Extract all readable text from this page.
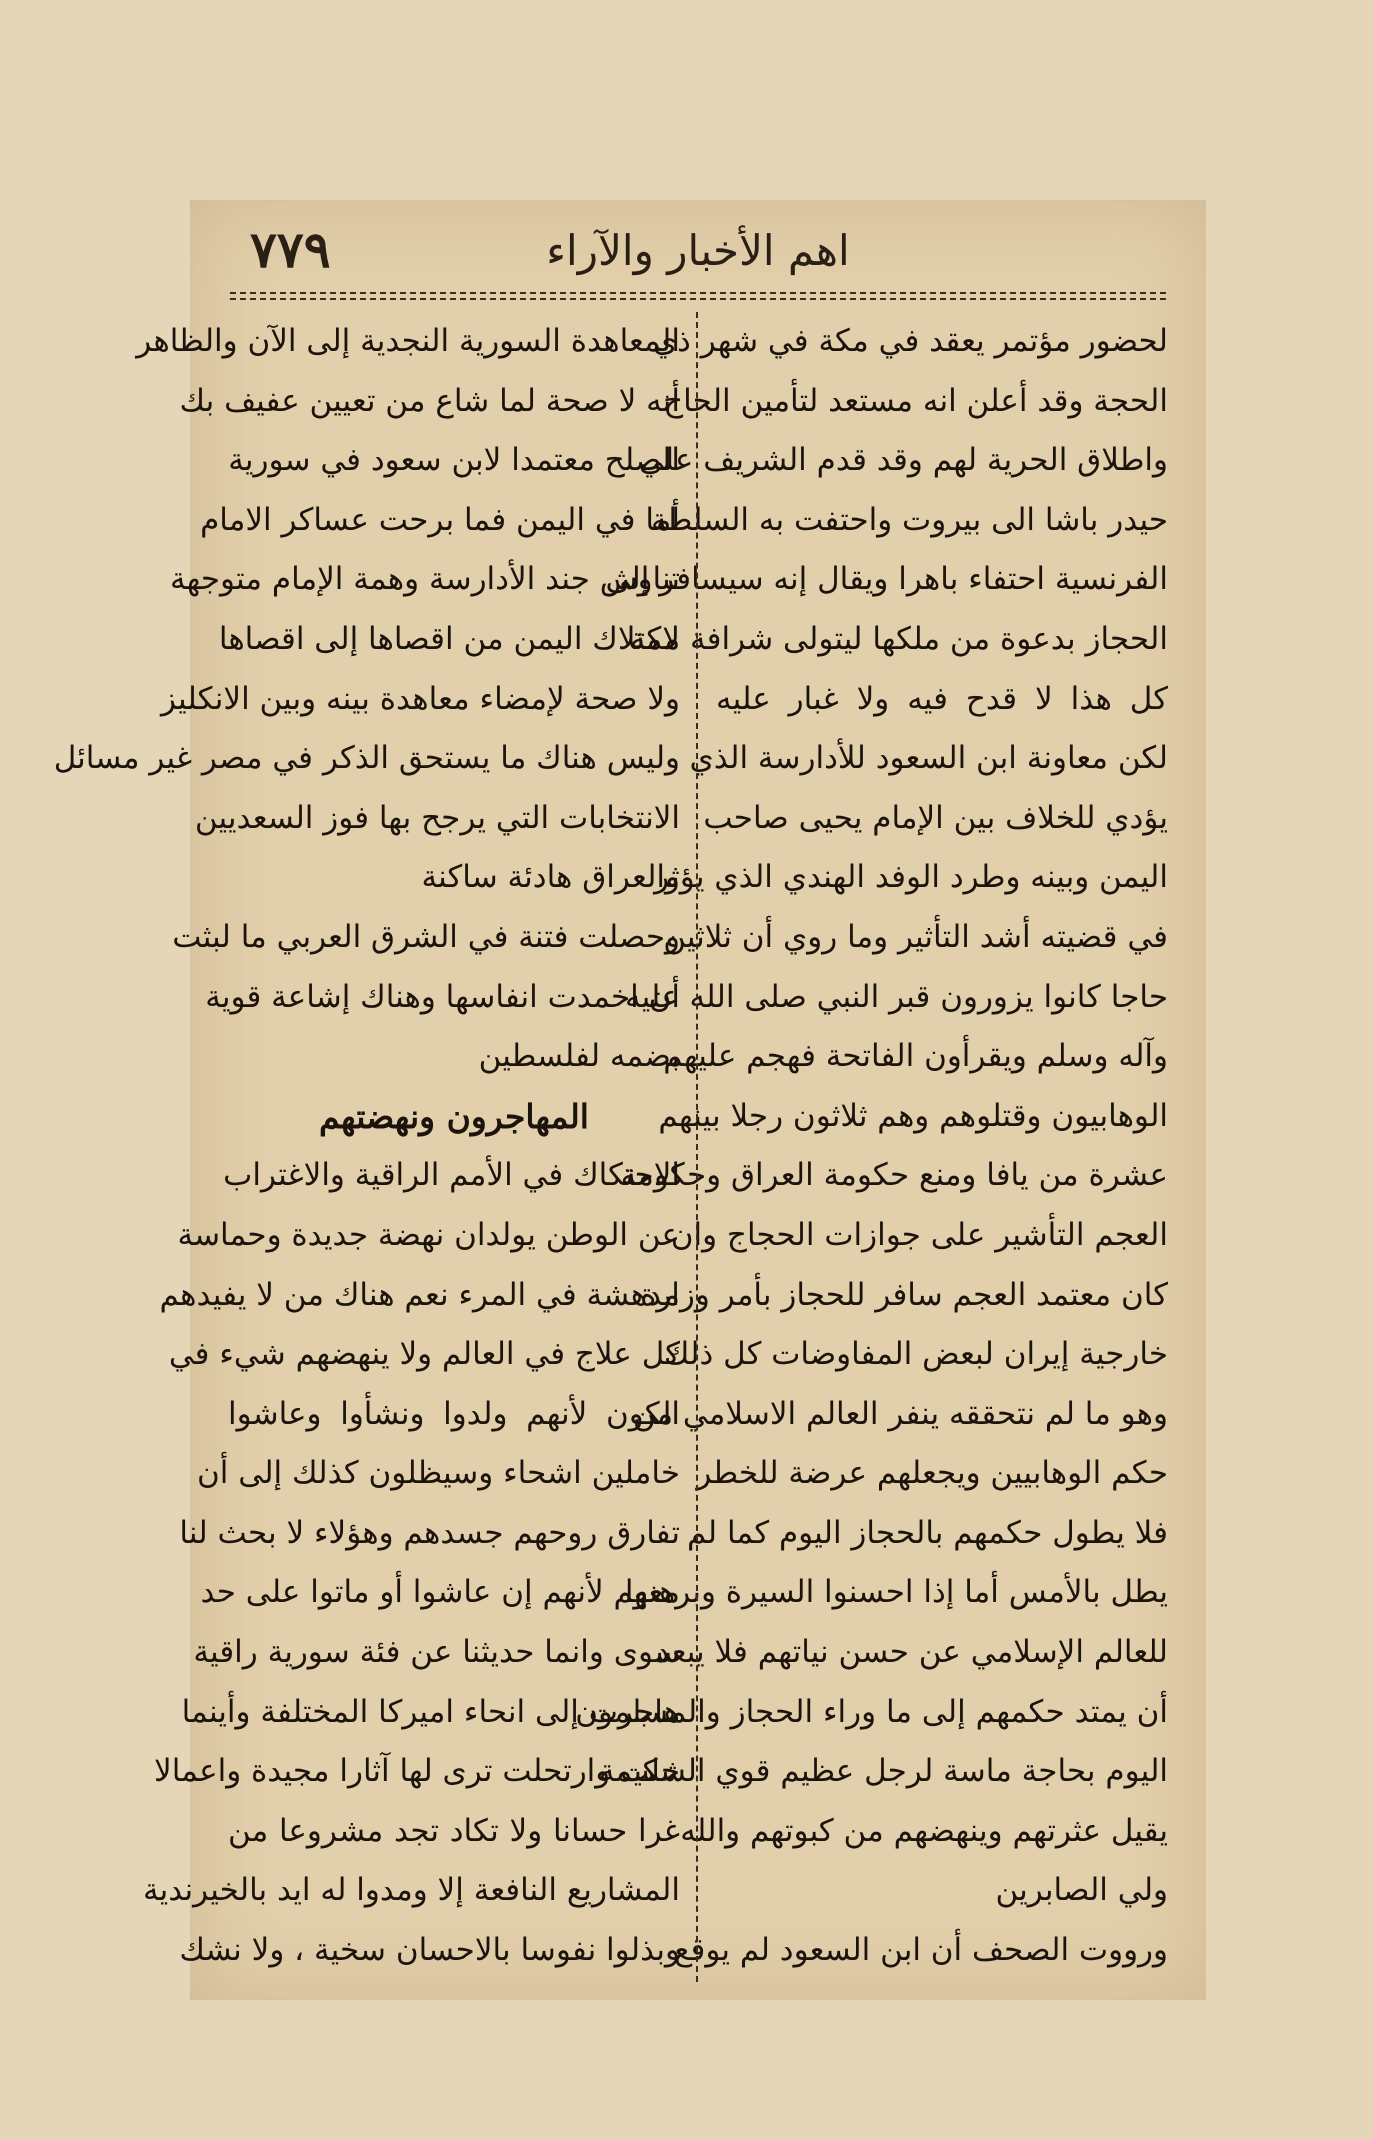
اهم الأخبار والآراء
٧٧٩
لحضور مؤتمر يعقد في مكة في شهر ذي
الحجة وقد أعلن انه مستعد لتأمين الحاج
واطلاق الحرية لهم وقد قدم الشريف علي
حيدر باشا الى بيروت واحتفت به السلطة
الفرنسية احتفاء باهرا ويقال إنه سيسافر إلى
الحجاز بدعوة من ملكها ليتولى شرافة مكة
كل هذا لا قدح فيه ولا غبار عليه
لكن معاونة ابن السعود للأدارسة الذي
يؤدي للخلاف بين الإمام يحيى صاحب
اليمن وبينه وطرد الوفد الهندي الذي يؤثر
في قضيته أشد التأثير وما روي أن ثلاثين
حاجا كانوا يزورون قبر النبي صلى الله عليه
وآله وسلم ويقرأون الفاتحة فهجم عليهم
الوهابيون وقتلوهم وهم ثلاثون رجلا بينهم
عشرة من يافا ومنع حكومة العراق وحكومة
العجم التأشير على جوازات الحجاج وان
كان معتمد العجم سافر للحجاز بأمر وزارة
خارجية إيران لبعض المفاوضات كل ذلك
وهو ما لم نتحققه ينفر العالم الاسلامي من
حكم الوهابيين ويجعلهم عرضة للخطر
فلا يطول حكمهم بالحجاز اليوم كما لم
يطل بالأمس أما إذا احسنوا السيرة وبرهنوا
للعالم الإسلامي عن حسن نياتهم فلا يبعد
أن يمتد حكمهم إلى ما وراء الحجاز والمسلمون
اليوم بحاجة ماسة لرجل عظيم قوي الشكيمة
يقيل عثرتهم وينهضهم من كبوتهم والله
ولي الصابرين
ورووت الصحف أن ابن السعود لم يوقع
المعاهدة السورية النجدية إلى الآن والظاهر
أنه لا صحة لما شاع من تعيين عفيف بك
الصلح معتمدا لابن سعود في سورية
أما في اليمن فما برحت عساكر الامام
تناوش جند الأدارسة وهمة الإمام متوجهة
لامتلاك اليمن من اقصاها إلى اقصاها
ولا صحة لإمضاء معاهدة بينه وبين الانكليز
وليس هناك ما يستحق الذكر في مصر غير مسائل
الانتخابات التي يرجح بها فوز السعديين
والعراق هادئة ساكنة
وحصلت فتنة في الشرق العربي ما لبثت
أن اخمدت انفاسها وهناك إشاعة قوية
بضمه لفلسطين
المهاجرون ونهضتهم
الاحتكاك في الأمم الراقية والاغتراب
عن الوطن يولدان نهضة جديدة وحماسة
مدهشة في المرء نعم هناك من لا يفيدهم
كل علاج في العالم ولا ينهضهم شيء في
الكون لأنهم ولدوا ونشأوا وعاشوا
خاملين اشحاء وسيظلون كذلك إلى أن
تفارق روحهم جسدهم وهؤلاء لا بحث لنا
معهم لأنهم إن عاشوا أو ماتوا على حد
سوى وانما حديثنا عن فئة سورية راقية
هاجرت إلى انحاء اميركا المختلفة وأينما
حلت وارتحلت ترى لها آثارا مجيدة واعمالا
غرا حسانا ولا تكاد تجد مشروعا من
المشاريع النافعة إلا ومدوا له ايد بالخيرندية
وبذلوا نفوسا بالاحسان سخية ، ولا نشك
